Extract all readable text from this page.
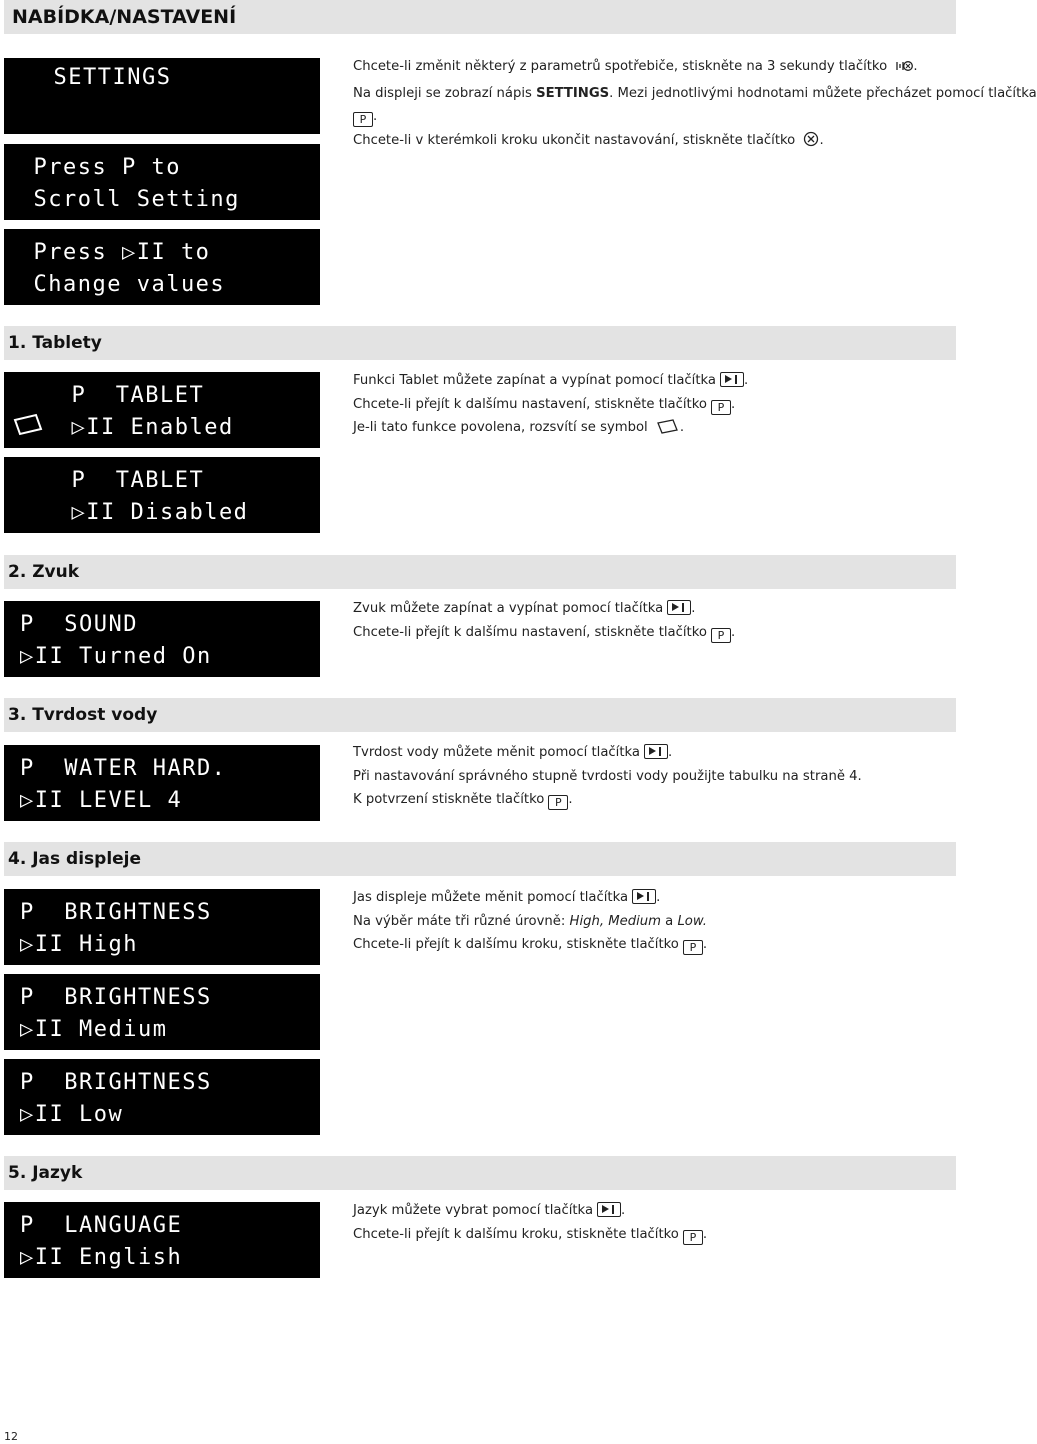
NABÍDKA/NASTAVENÍ
SETTINGS
Press P to
Scroll Setting
Press ▷II to
Change values

Chcete-li změnit některý z parametrů spotřebiče, stiskněte na 3 sekundy tlačítko .

Na displeji se zobrazí nápis SETTINGS. Mezi jednotlivými hodnotami můžete přecházet pomocí tlačítka

P .

Chcete-li v kterémkoli kroku ukončit nastavování, stiskněte tlačítko .

1. Tablety
P  TABLET
▷II Enabled
P  TABLET
▷II Disabled

Funkci Tablet můžete zapínat a vypínat pomocí tlačítka .

Chcete-li přejít k dalšímu nastavení, stiskněte tlačítko P .

Je-li tato funkce povolena, rozsvítí se symbol .

2. Zvuk
P  SOUND
▷II Turned On

Zvuk můžete zapínat a vypínat pomocí tlačítka .

Chcete-li přejít k dalšímu nastavení, stiskněte tlačítko P .

3. Tvrdost vody
P  WATER HARD.
▷II LEVEL 4

Tvrdost vody můžete měnit pomocí tlačítka .

Při nastavování správného stupně tvrdosti vody použijte tabulku na straně 4.

K potvrzení stiskněte tlačítko P .

4. Jas displeje
P  BRIGHTNESS
▷II High
P  BRIGHTNESS
▷II Medium
P  BRIGHTNESS
▷II Low

Jas displeje můžete měnit pomocí tlačítka .

Na výběr máte tři různé úrovně: High, Medium a Low.

Chcete-li přejít k dalšímu kroku, stiskněte tlačítko P .

5. Jazyk
P  LANGUAGE
▷II English

Jazyk můžete vybrat pomocí tlačítka .

Chcete-li přejít k dalšímu kroku, stiskněte tlačítko P .

12
